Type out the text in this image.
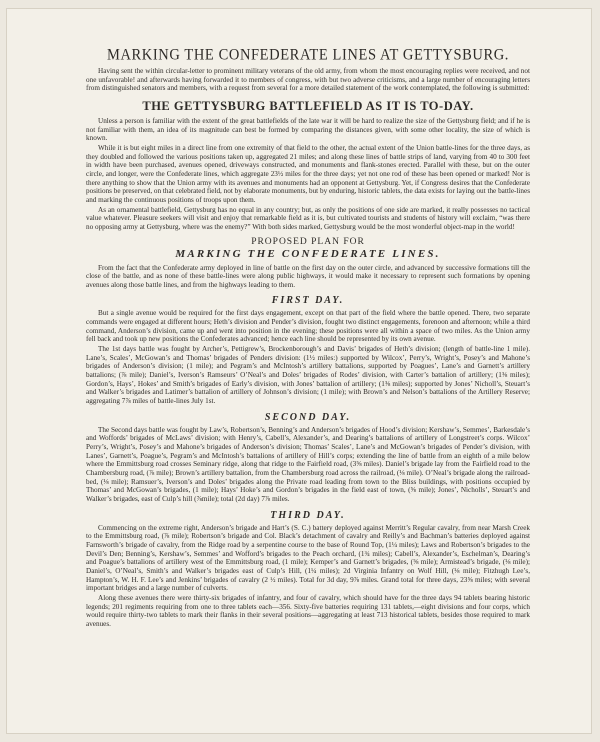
MARKING THE CONFEDERATE LINES AT GETTYSBURG.

Having sent the within circular-letter to prominent military veterans of the old army, from whom the most encouraging replies were received, and not one unfavorable! and afterwards having forwarded it to members of congress, with but two adverse criticisms, and a large number of encouraging letters from distinguished senators and members, with a request from several for a more detailed statement of the work contemplated, the following is submitted:

THE GETTYSBURG BATTLEFIELD AS IT IS TO-DAY.

Unless a person is familiar with the extent of the great battlefields of the late war it will be hard to realize the size of the Gettysburg field; and if he is not familiar with them, an idea of its magnitude can best be formed by comparing the distances given, with some other locality, the size of which is known.

While it is but eight miles in a direct line from one extremity of that field to the other, the actual extent of the Union battle-lines for the three days, as they doubled and followed the various positions taken up, aggregated 21 miles; and along these lines of battle strips of land, varying from 40 to 300 feet in width have been purchased, avenues opened, driveways constructed, and monuments and flank-stones erected. Parallel with these, but on the outer circle, and longer, were the Confederate lines, which aggregate 23½ miles for the three days; yet not one rod of these has been opened or marked! Nor is there anything to show that the Union army with its avenues and monuments had an opponent at Gettysburg. Yet, if Congress desires that the Confederate positions be preserved, on that celebrated field, not by elaborate monuments, but by enduring, historic tablets, the data exists for laying out the battle-lines and marking the continuous positions of troops upon them.

As an ornamental battlefield, Gettysburg has no equal in any country; but, as only the positions of one side are marked, it really possesses no tactical value whatever. Pleasure seekers will visit and enjoy that remarkable field as it is, but cultivated tourists and students of history will exclaim, “was there no opposing army at Gettysburg, where was the enemy?” With both sides marked, Gettysburg would be the most wonderful object-map in the world!

PROPOSED PLAN FOR
MARKING THE CONFEDERATE LINES.

From the fact that the Confederate army deployed in line of battle on the first day on the outer circle, and advanced by successive formations till the close of the battle, and as none of these battle-lines were along public highways, it would make it necessary to represent such formations by opening avenues along those battle lines, and from the highways leading to them.

FIRST DAY.

But a single avenue would be required for the first days engagement, except on that part of the field where the battle opened. There, two separate commands were engaged at different hours; Heth’s division and Pender’s division, fought two distinct engagements, forenoon and afternoon; while a third command, Anderson’s division, came up and went into position in the evening; these positions were all within a space of two miles. As the Union army fell back and took up new positions the Confederates advanced; hence each line should be represented by its own avenue.

The 1st days battle was fought by Archer’s, Pettigrew’s, Brockenborough’s and Davis’ brigades of Heth’s division; (length of battle-line 1 mile). Lane’s, Scales’, McGowan’s and Thomas’ brigades of Penders division: (1½ miles:) supported by Wilcox’, Perry’s, Wright’s, Posey’s and Mahone’s brigades of Anderson’s division; (1 mile); and Pegram’s and McIntosh’s artillery battalions, supported by Poagues’, Lane’s and Garnett’s artillery battalions; (⅞ mile); Daniel’s, Iverson’s Ramseurs’ O’Neal’s and Doles’ brigades of Rodes’ division, with Carter’s battalion of artillery; (1⅜ miles); Gordon’s, Hays’, Hokes’ and Smith’s brigades of Early’s division, with Jones’ battalion of artillery; (1⅜ miles); supported by Jones’ Nicholl’s, Steuart’s and Walker’s brigades and Latimer’s battalion of artillery of Johnson’s division; (1 mile); with Brown’s and Nelson’s battalions of the Artillery Reserve; aggregating 7⅞ miles of battle-lines July 1st.

SECOND DAY.

The Second days battle was fought by Law’s, Robertson’s, Benning’s and Anderson’s brigades of Hood’s division; Kershaw’s, Semmes’, Barkesdale’s and Woffords’ brigades of McLaws’ division; with Henry’s, Cabell’s, Alexander’s, and Dearing’s battalions of artillery of Longstreet’s corps. Wilcox’ Perry’s, Wright’s, Posey’s and Mahone’s brigades of Anderson’s division; Thomas’ Scales’, Lane’s and McGowan’s brigades of Pender’s division, with Lanes’, Garnett’s, Poague’s, Pegram’s and McIntosh’s battalions of artillery of Hill’s corps; extending the line of battle from an eighth of a mile below where the Emmittsburg road crosses Seminary ridge, along that ridge to the Fairfield road, (3⅝ miles). Daniel’s brigade lay from the Fairfield road to the Chambersburg road, (⅞ mile); Brown’s artillery battalion, from the Chambersburg road across the railroad, (⅛ mile). O’Neal’s brigade along the railroad-bed, (⅛ mile); Ramsuer’s, Iverson’s and Doles’ brigades along the Private road leading from town to the Bliss buildings, with positions occupied by Thomas’ and McGowan’s brigades, (1 mile); Hays’ Hoke’s and Gordon’s brigades in the field east of town, (⅝ mile); Jones’, Nicholls’, Steuart’s and Walker’s brigades, east of Culp’s hill (⅞mile); total (2d day) 7⅞ miles.

THIRD DAY.

Commencing on the extreme right, Anderson’s brigade and Hart’s (S. C.) battery deployed against Merritt’s Regular cavalry, from near Marsh Creek to the Emmittsburg road, (⅞ mile); Robertson’s brigade and Col. Black’s detachment of cavalry and Reilly’s and Bachman’s batteries deployed against Farnsworth’s brigade of cavalry, from the Ridge road by a serpentine course to the base of Round Top, (1¼ miles); Laws and Robertson’s brigades to the Devil’s Den; Benning’s, Kershaw’s, Semmes’ and Wofford’s brigades to the Peach orchard, (1¾ miles); Cabell’s, Alexander’s, Eschelman’s, Dearing’s and Poague’s battalions of artillery west of the Emmittsburg road, (1 mile); Kemper’s and Garnett’s brigades, (⅝ mile); Armistead’s brigade, (⅛ mile); Daniel’s, O’Neal’s, Smith’s and Walker’s brigades east of Culp’s Hill, (1¼ miles); 2d Virginia Infantry on Wolf Hill, (⅛ mile); Fitzhugh Lee’s, Hampton’s, W. H. F. Lee’s and Jenkins’ brigades of cavalry (2 ½ miles). Total for 3d day, 9⅞ miles. Grand total for three days, 23⅝ miles; with several important bridges and a large number of culverts.

Along these avenues there were thirty-six brigades of infantry, and four of cavalry, which should have for the three days 94 tablets bearing historic legends; 201 regiments requiring from one to three tablets each—356. Sixty-five batteries requiring 131 tablets,—eight divisions and four corps, which would require thirty-two tablets to mark their flanks in their several positions—aggregating at least 713 historical tablets, besides those required to mark avenues.
